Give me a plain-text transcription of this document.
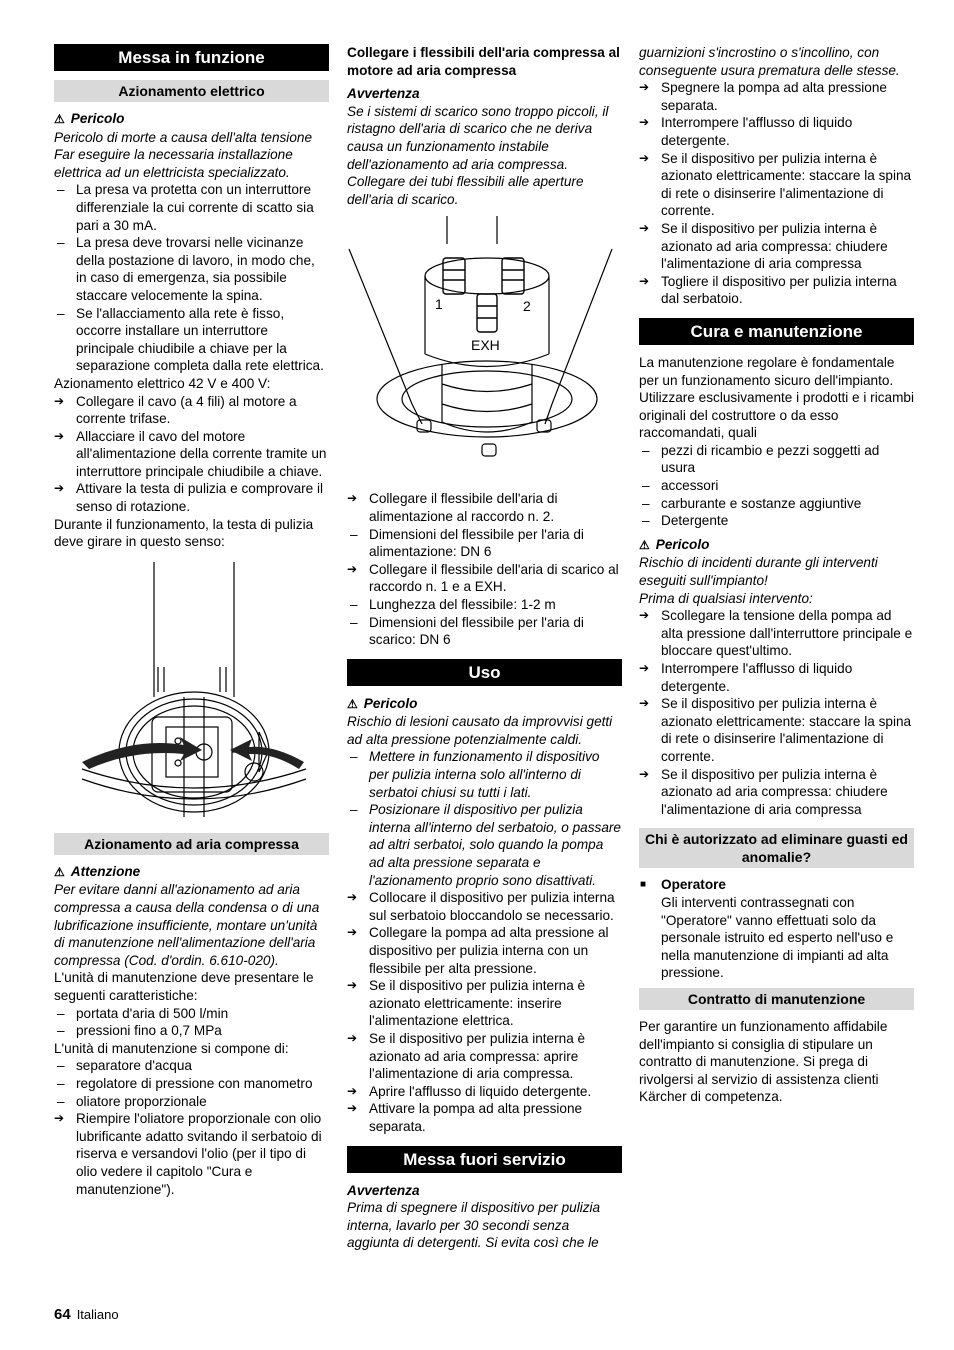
Messa in funzione
Azionamento elettrico
⚠ Pericolo

Pericolo di morte a causa dell'alta tensione Far eseguire la necessaria installazione elettrica ad un elettricista specializzato.

– La presa va protetta con un interruttore differenziale la cui corrente di scatto sia pari a 30 mA.
– La presa deve trovarsi nelle vicinanze della postazione di lavoro, in modo che, in caso di emergenza, sia possibile staccare velocemente la spina.
– Se l'allacciamento alla rete è fisso, occorre installare un interruttore principale chiudibile a chiave per la separazione completa dalla rete elettrica.

Azionamento elettrico 42 V e 400 V:

➔ Collegare il cavo (a 4 fili) al motore a corrente trifase.
➔ Allacciare il cavo del motore all'alimentazione della corrente tramite un interruttore principale chiudibile a chiave.
➔ Attivare la testa di pulizia e comprovare il senso di rotazione.

Durante il funzionamento, la testa di pulizia deve girare in questo senso:

Azionamento ad aria compressa
⚠ Attenzione

Per evitare danni all'azionamento ad aria compressa a causa della condensa o di una lubrificazione insufficiente, montare un'unità di manutenzione nell'alimentazione dell'aria compressa (Cod. d'ordin. 6.610-020).

L'unità di manutenzione deve presentare le seguenti caratteristiche:

– portata d'aria di 500 l/min
– pressioni fino a 0,7 MPa

L'unità di manutenzione si compone di:

– separatore d'acqua
– regolatore di pressione con manometro
– oliatore proporzionale
➔ Riempire l'oliatore proporzionale con olio lubrificante adatto svitando il serbatoio di riserva e versandovi l'olio (per il tipo di olio vedere il capitolo "Cura e manutenzione").
Collegare i flessibili dell'aria compressa al motore ad aria compressa
Avvertenza

Se i sistemi di scarico sono troppo piccoli, il ristagno dell'aria di scarico che ne deriva causa un funzionamento instabile dell'azionamento ad aria compressa. Collegare dei tubi flessibili alle aperture dell'aria di scarico.

1	2
EXH
➔ Collegare il flessibile dell'aria di alimentazione al raccordo n. 2.
– Dimensioni del flessibile per l'aria di alimentazione: DN 6
➔ Collegare il flessibile dell'aria di scarico al raccordo n. 1 e a EXH.
– Lunghezza del flessibile: 1-2 m
– Dimensioni del flessibile per l'aria di scarico: DN 6
Uso
⚠ Pericolo

Rischio di lesioni causato da improvvisi getti ad alta pressione potenzialmente caldi.

– Mettere in funzionamento il dispositivo per pulizia interna solo all'interno di serbatoi chiusi su tutti i lati.
– Posizionare il dispositivo per pulizia interna all'interno del serbatoio, o passare ad altri serbatoi, solo quando la pompa ad alta pressione separata e l'azionamento proprio sono disattivati.
➔ Collocare il dispositivo per pulizia interna sul serbatoio bloccandolo se necessario.
➔ Collegare la pompa ad alta pressione al dispositivo per pulizia interna con un flessibile per alta pressione.
➔ Se il dispositivo per pulizia interna è azionato elettricamente: inserire l'alimentazione elettrica.
➔ Se il dispositivo per pulizia interna è azionato ad aria compressa: aprire l'alimentazione di aria compressa.
➔ Aprire l'afflusso di liquido detergente.
➔ Attivare la pompa ad alta pressione separata.
Messa fuori servizio
Avvertenza

Prima di spegnere il dispositivo per pulizia interna, lavarlo per 30 secondi senza aggiunta di detergenti. Si evita così che le

guarnizioni s'incrostino o s'incollino, con conseguente usura prematura delle stesse.

➔ Spegnere la pompa ad alta pressione separata.
➔ Interrompere l'afflusso di liquido detergente.
➔ Se il dispositivo per pulizia interna è azionato elettricamente: staccare la spina di rete o disinserire l'alimentazione di corrente.
➔ Se il dispositivo per pulizia interna è azionato ad aria compressa: chiudere l'alimentazione di aria compressa
➔ Togliere il dispositivo per pulizia interna dal serbatoio.
Cura e manutenzione

La manutenzione regolare è fondamentale per un funzionamento sicuro dell'impianto. Utilizzare esclusivamente i prodotti e i ricambi originali del costruttore o da esso raccomandati, quali

– pezzi di ricambio e pezzi soggetti ad usura
– accessori
– carburante e sostanze aggiuntive
– Detergente
⚠ Pericolo

Rischio di incidenti durante gli interventi eseguiti sull'impianto!

Prima di qualsiasi intervento:

➔ Scollegare la tensione della pompa ad alta pressione dall'interruttore principale e bloccare quest'ultimo.
➔ Interrompere l'afflusso di liquido detergente.
➔ Se il dispositivo per pulizia interna è azionato elettricamente: staccare la spina di rete o disinserire l'alimentazione di corrente.
➔ Se il dispositivo per pulizia interna è azionato ad aria compressa: chiudere l'alimentazione di aria compressa
Chi è autorizzato ad eliminare guasti ed anomalie?
■ Operatore
Gli interventi contrassegnati con "Operatore" vanno effettuati solo da personale istruito ed esperto nell'uso e nella manutenzione di impianti ad alta pressione.
Contratto di manutenzione

Per garantire un funzionamento affidabile dell'impianto si consiglia di stipulare un contratto di manutenzione. Si prega di rivolgersi al servizio di assistenza clienti Kärcher di competenza.

64 Italiano
